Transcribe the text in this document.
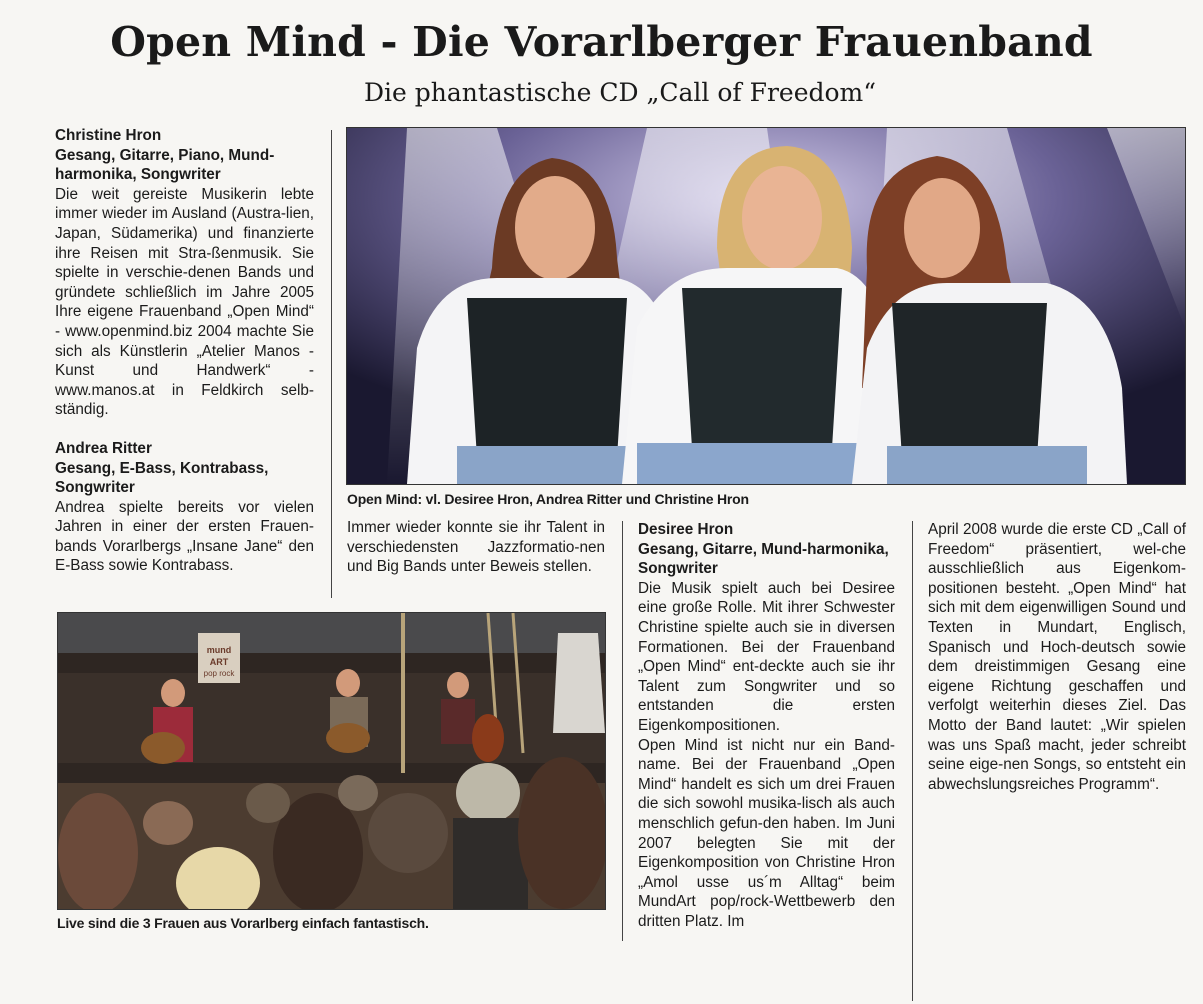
Open Mind - Die Vorarlberger Frauenband
Die phantastische CD „Call of Freedom“
Christine Hron
Gesang, Gitarre, Piano, Mund-harmonika, Songwriter

Die weit gereiste Musikerin lebte immer wieder im Ausland (Austra-lien, Japan, Südamerika) und finanzierte ihre Reisen mit Stra-ßenmusik. Sie spielte in verschie-denen Bands und gründete schließlich im Jahre 2005 Ihre eigene Frauenband „Open Mind“ - www.openmind.biz 2004 machte Sie sich als Künstlerin „Atelier Manos - Kunst und Handwerk“ - www.manos.at in Feldkirch selb-ständig.

Andrea Ritter
Gesang, E-Bass, Kontrabass, Songwriter

Andrea spielte bereits vor vielen Jahren in einer der ersten Frauen-bands Vorarlbergs „Insane Jane“ den E-Bass sowie Kontrabass.

Open Mind: vl. Desiree Hron, Andrea Ritter und Christine Hron

Immer wieder konnte sie ihr Talent in verschiedensten Jazzformatio-nen und Big Bands unter Beweis stellen.

mund
ART
pop rock
Live sind die 3 Frauen aus Vorarlberg einfach fantastisch.
Desiree Hron
Gesang, Gitarre, Mund-harmonika, Songwriter

Die Musik spielt auch bei Desiree eine große Rolle. Mit ihrer Schwester Christine spielte auch sie in diversen Formationen. Bei der Frauenband „Open Mind“ ent-deckte auch sie ihr Talent zum Songwriter und so entstanden die ersten Eigenkompositionen.

Open Mind ist nicht nur ein Band-name. Bei der Frauenband „Open Mind“ handelt es sich um drei Frauen die sich sowohl musika-lisch als auch menschlich gefun-den haben. Im Juni 2007 belegten Sie mit der Eigenkomposition von Christine Hron „Amol usse us´m Alltag“ beim MundArt pop/rock-Wettbewerb den dritten Platz. Im

April 2008 wurde die erste CD „Call of Freedom“ präsentiert, wel-che ausschließlich aus Eigenkom-positionen besteht. „Open Mind“ hat sich mit dem eigenwilligen Sound und Texten in Mundart, Englisch, Spanisch und Hoch-deutsch sowie dem dreistimmigen Gesang eine eigene Richtung geschaffen und verfolgt weiterhin dieses Ziel. Das Motto der Band lautet: „Wir spielen was uns Spaß macht, jeder schreibt seine eige-nen Songs, so entsteht ein abwechslungsreiches Programm“.
